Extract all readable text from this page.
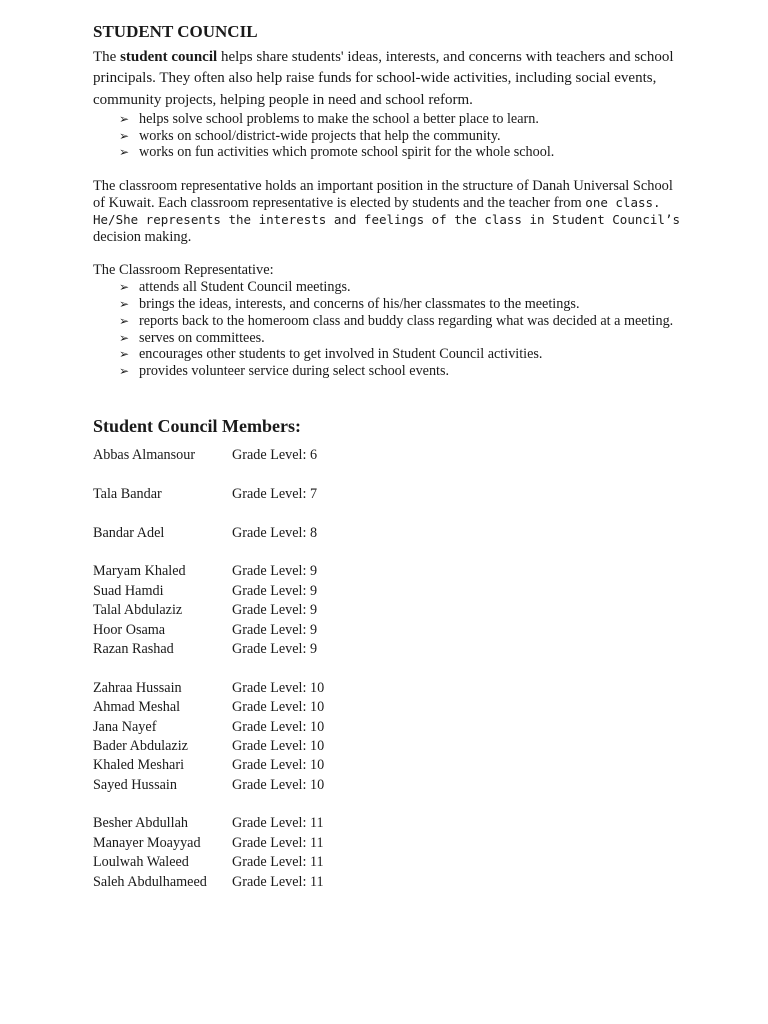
STUDENT COUNCIL

The student council helps share students' ideas, interests, and concerns with teachers and school principals. They often also help raise funds for school-wide activities, including social events, community projects, helping people in need and school reform.

➢ helps solve school problems to make the school a better place to learn.
➢ works on school/district-wide projects that help the community.
➢ works on fun activities which promote school spirit for the whole school.

The classroom representative holds an important position in the structure of Danah Universal School of Kuwait. Each classroom representative is elected by students and the teacher from one class. He/She represents the interests and feelings of the class in Student Council’s decision making.

The Classroom Representative:

➢ attends all Student Council meetings.
➢ brings the ideas, interests, and concerns of his/her classmates to the meetings.
➢ reports back to the homeroom class and buddy class regarding what was decided at a meeting.
➢ serves on committees.
➢ encourages other students to get involved in Student Council activities.
➢ provides volunteer service during select school events.
Student Council Members:
Abbas Almansour	Grade Level: 6
Tala Bandar	Grade Level: 7
Bandar Adel	Grade Level: 8
Maryam Khaled	Grade Level: 9
Suad Hamdi	Grade Level: 9
Talal Abdulaziz	Grade Level: 9
Hoor Osama	Grade Level: 9
Razan Rashad	Grade Level: 9
Zahraa Hussain	Grade Level: 10
Ahmad Meshal	Grade Level: 10
Jana Nayef	Grade Level: 10
Bader Abdulaziz	Grade Level: 10
Khaled Meshari	Grade Level: 10
Sayed Hussain	Grade Level: 10
Besher Abdullah	Grade Level: 11
Manayer Moayyad	Grade Level: 11
Loulwah Waleed	Grade Level: 11
Saleh Abdulhameed	Grade Level: 11
